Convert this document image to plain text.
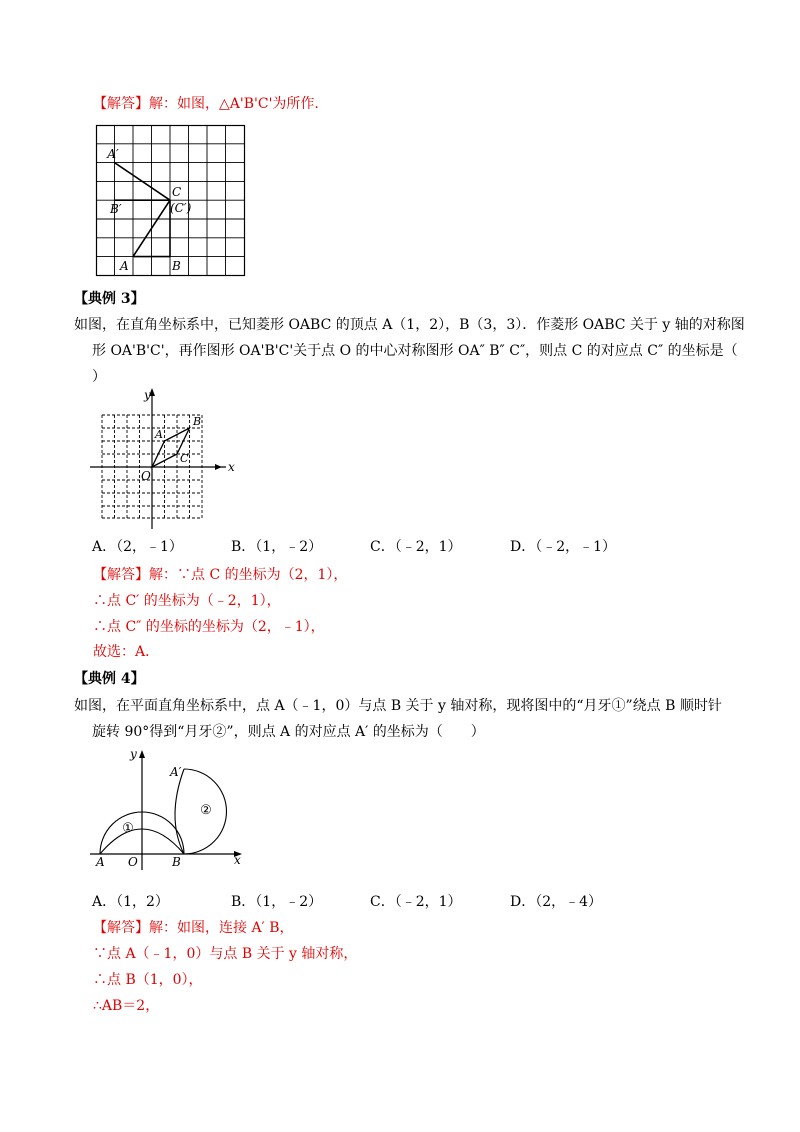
【解答】解：如图，△A'B'C'为所作.
A′
C
B′	(C′)
A	B
【典例 3】
如图，在直角坐标系中，已知菱形 OABC 的顶点 A（1，2），B（3，3）．作菱形 OABC 关于 y 轴的对称图
形 OA'B'C'，再作图形 OA'B'C'关于点 O 的中心对称图形 OA″ B″ C″，则点 C 的对应点 C″ 的坐标是（
）
y
x
O
A
B
C
A．（2，﹣1）	B．（1，﹣2）	C．（﹣2，1）	D．（﹣2，﹣1）
【解答】解：∵点 C 的坐标为（2，1），
∴点 C′ 的坐标为（﹣2，1），
∴点 C″ 的坐标的坐标为（2，﹣1），
故选：A．
【典例 4】
如图，在平面直角坐标系中，点 A（﹣1，0）与点 B 关于 y 轴对称，现将图中的“月牙①”绕点 B 顺时针
旋转 90°得到“月牙②”，则点 A 的对应点 A′ 的坐标为（　　）
y
x
A′
②
①
A O	B
A．（1，2）	B．（1，﹣2）	C．（﹣2，1）	D．（2，﹣4）
【解答】解：如图，连接 A′ B，
∵点 A（﹣1，0）与点 B 关于 y 轴对称，
∴点 B（1，0），
∴AB＝2，
